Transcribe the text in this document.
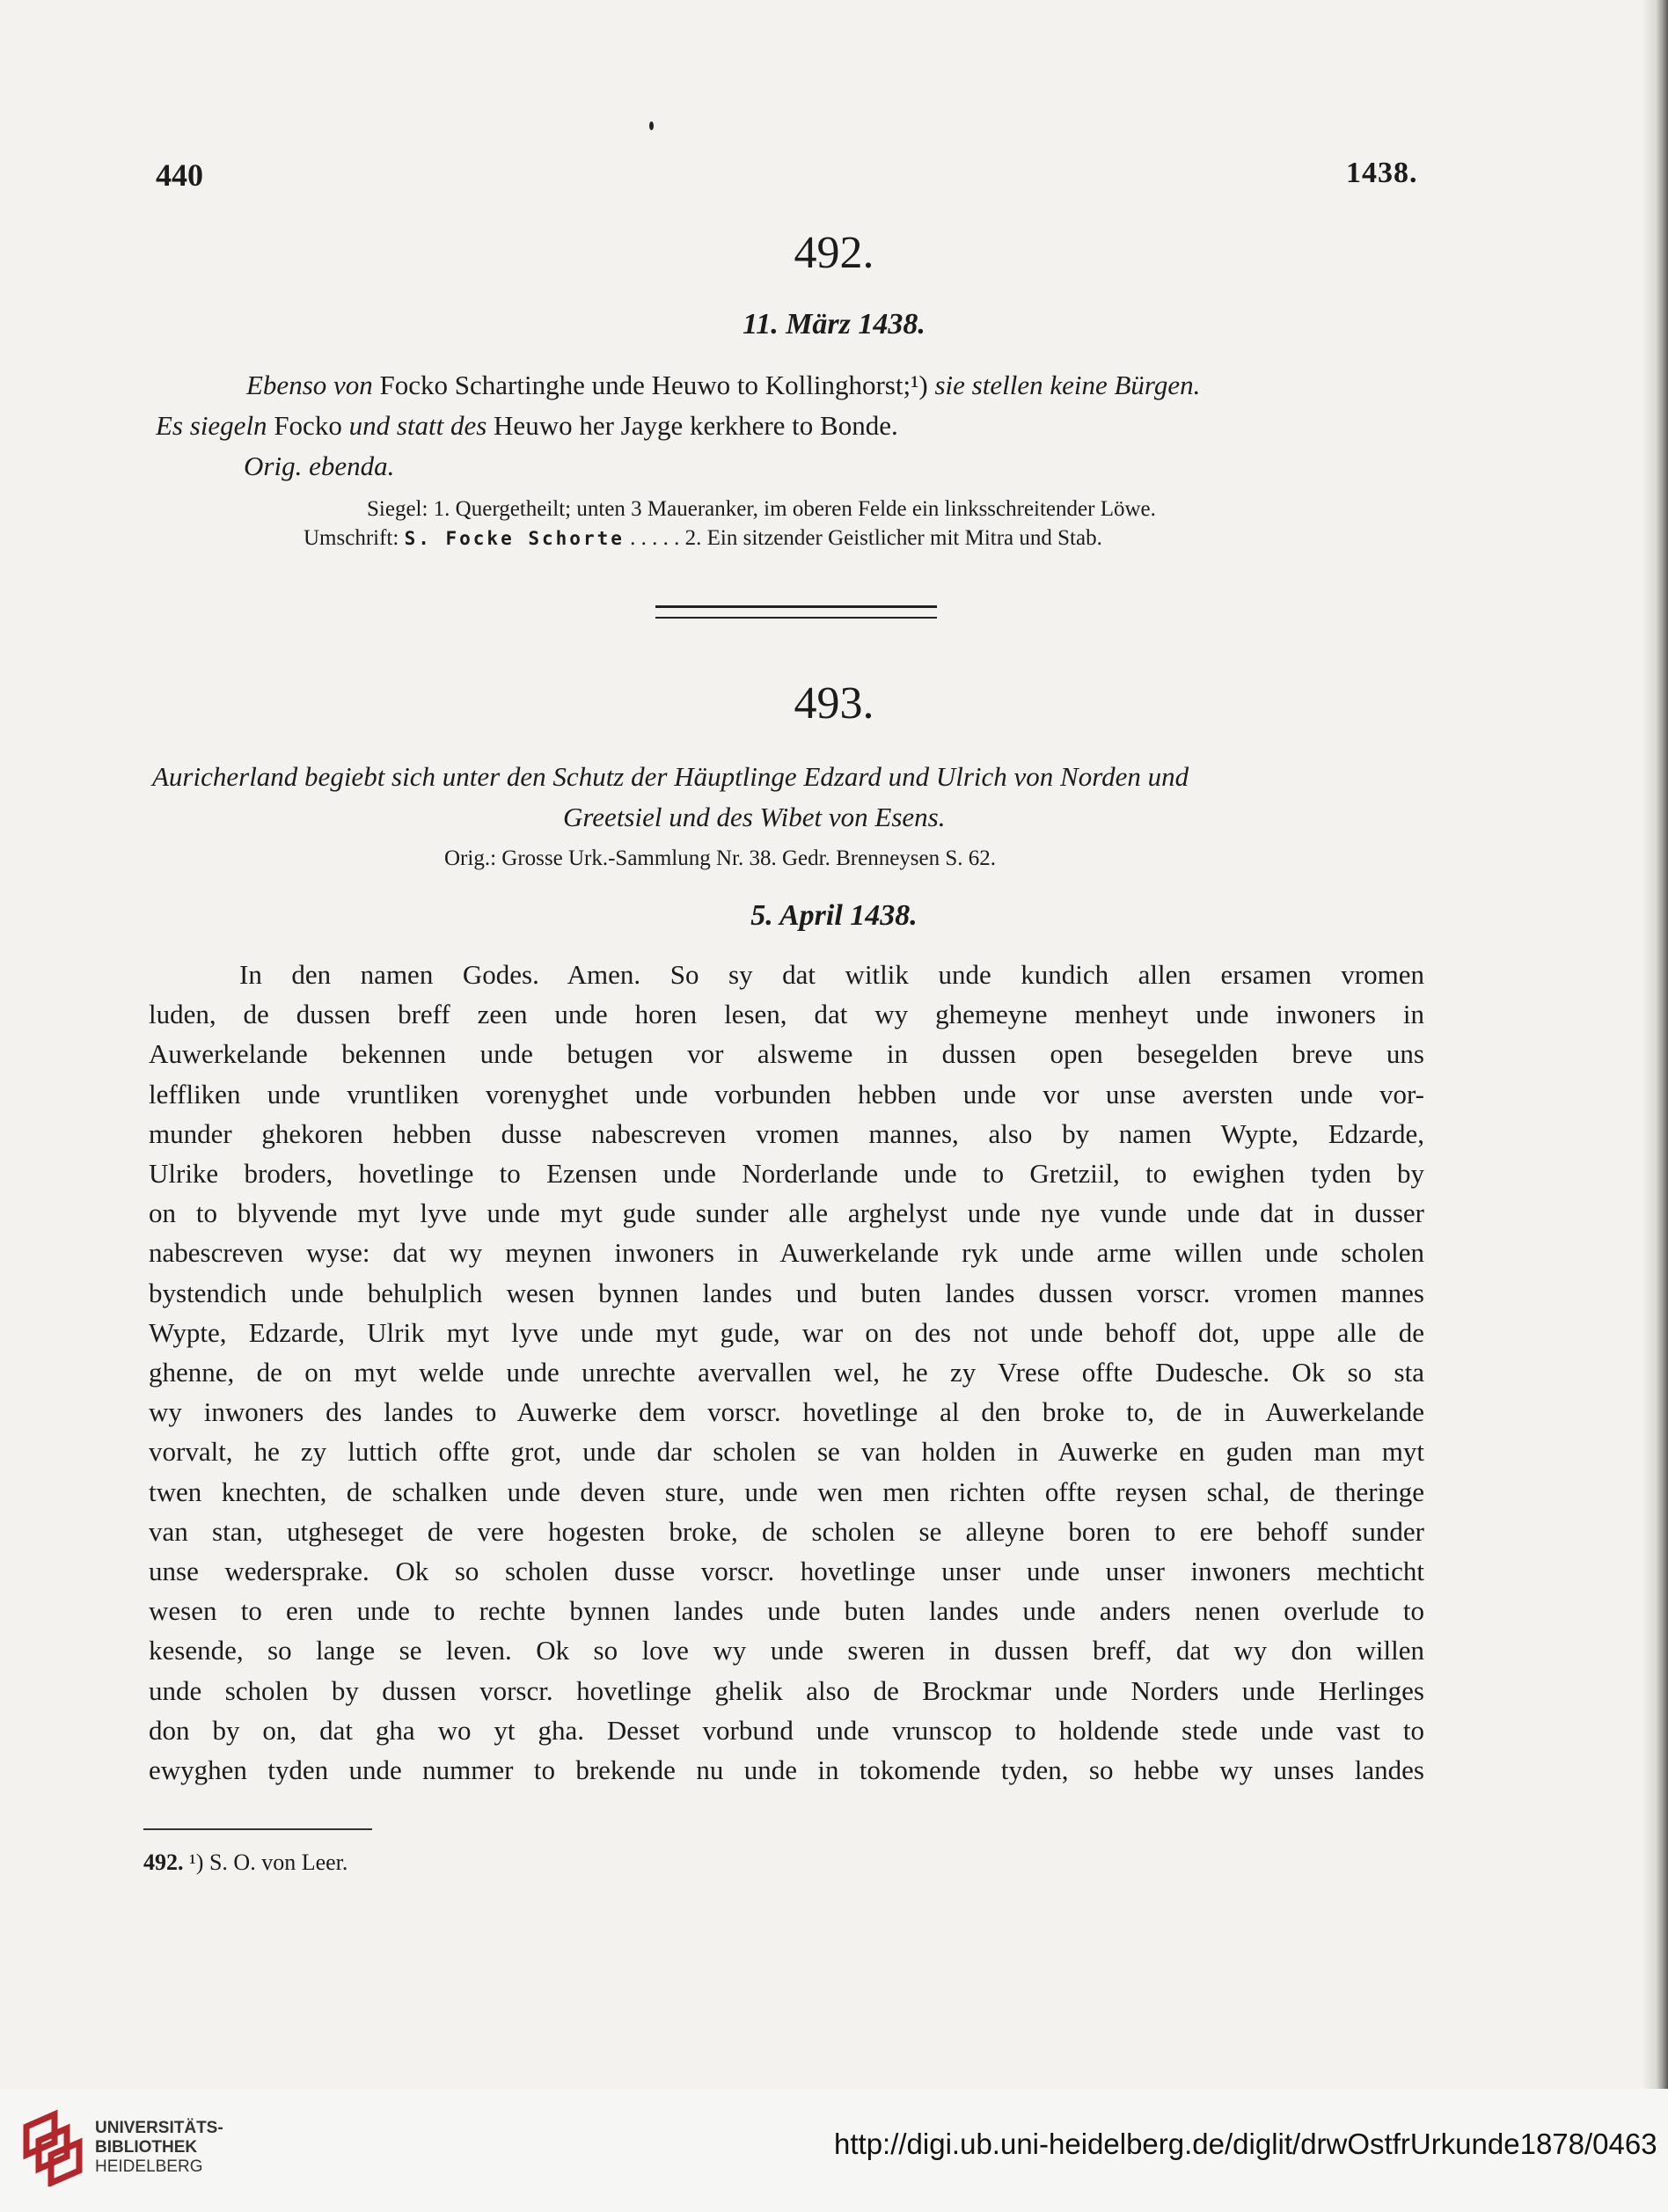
440	1438.

492.

11. März 1438.

Ebenso von Focko Schartinghe unde Heuwo to Kollinghorst;¹) sie stellen keine Bürgen.

Es siegeln Focko und statt des Heuwo her Jayge kerkhere to Bonde.

Orig. ebenda.

Siegel: 1. Quergetheilt; unten 3 Maueranker, im oberen Felde ein linksschreitender Löwe.

Umschrift: S. Focke Schorte . . . . . 2. Ein sitzender Geistlicher mit Mitra und Stab.

493.

Auricherland begiebt sich unter den Schutz der Häuptlinge Edzard und Ulrich von Norden und

Greetsiel und des Wibet von Esens.

Orig.: Grosse Urk.-Sammlung Nr. 38. Gedr. Brenneysen S. 62.

5. April 1438.

In den namen Godes. Amen. So sy dat witlik unde kundich allen ersamen vromen
luden, de dussen breff zeen unde horen lesen, dat wy ghemeyne menheyt unde inwoners in
Auwerkelande bekennen unde betugen vor alsweme in dussen open besegelden breve uns
leffliken unde vruntliken vorenyghet unde vorbunden hebben unde vor unse aversten unde vor-
munder ghekoren hebben dusse nabescreven vromen mannes, also by namen Wypte, Edzarde,
Ulrike broders, hovetlinge to Ezensen unde Norderlande unde to Gretziil, to ewighen tyden by
on to blyvende myt lyve unde myt gude sunder alle arghelyst unde nye vunde unde dat in dusser
nabescreven wyse: dat wy meynen inwoners in Auwerkelande ryk unde arme willen unde scholen
bystendich unde behulplich wesen bynnen landes und buten landes dussen vorscr. vromen mannes
Wypte, Edzarde, Ulrik myt lyve unde myt gude, war on des not unde behoff dot, uppe alle de
ghenne, de on myt welde unde unrechte avervallen wel, he zy Vrese offte Dudesche. Ok so sta
wy inwoners des landes to Auwerke dem vorscr. hovetlinge al den broke to, de in Auwerkelande
vorvalt, he zy luttich offte grot, unde dar scholen se van holden in Auwerke en guden man myt
twen knechten, de schalken unde deven sture, unde wen men richten offte reysen schal, de theringe
van stan, utgheseget de vere hogesten broke, de scholen se alleyne boren to ere behoff sunder
unse wedersprake. Ok so scholen dusse vorscr. hovetlinge unser unde unser inwoners mechticht
wesen to eren unde to rechte bynnen landes unde buten landes unde anders nenen overlude to
kesende, so lange se leven. Ok so love wy unde sweren in dussen breff, dat wy don willen
unde scholen by dussen vorscr. hovetlinge ghelik also de Brockmar unde Norders unde Herlinges
don by on, dat gha wo yt gha. Desset vorbund unde vrunscop to holdende stede unde vast to
ewyghen tyden unde nummer to brekende nu unde in tokomende tyden, so hebbe wy unses landes

492. ¹) S. O. von Leer.

UNIVERSITÄTS-
BIBLIOTHEK
HEIDELBERG
http://digi.ub.uni-heidelberg.de/diglit/drwOstfrUrkunde1878/0463
